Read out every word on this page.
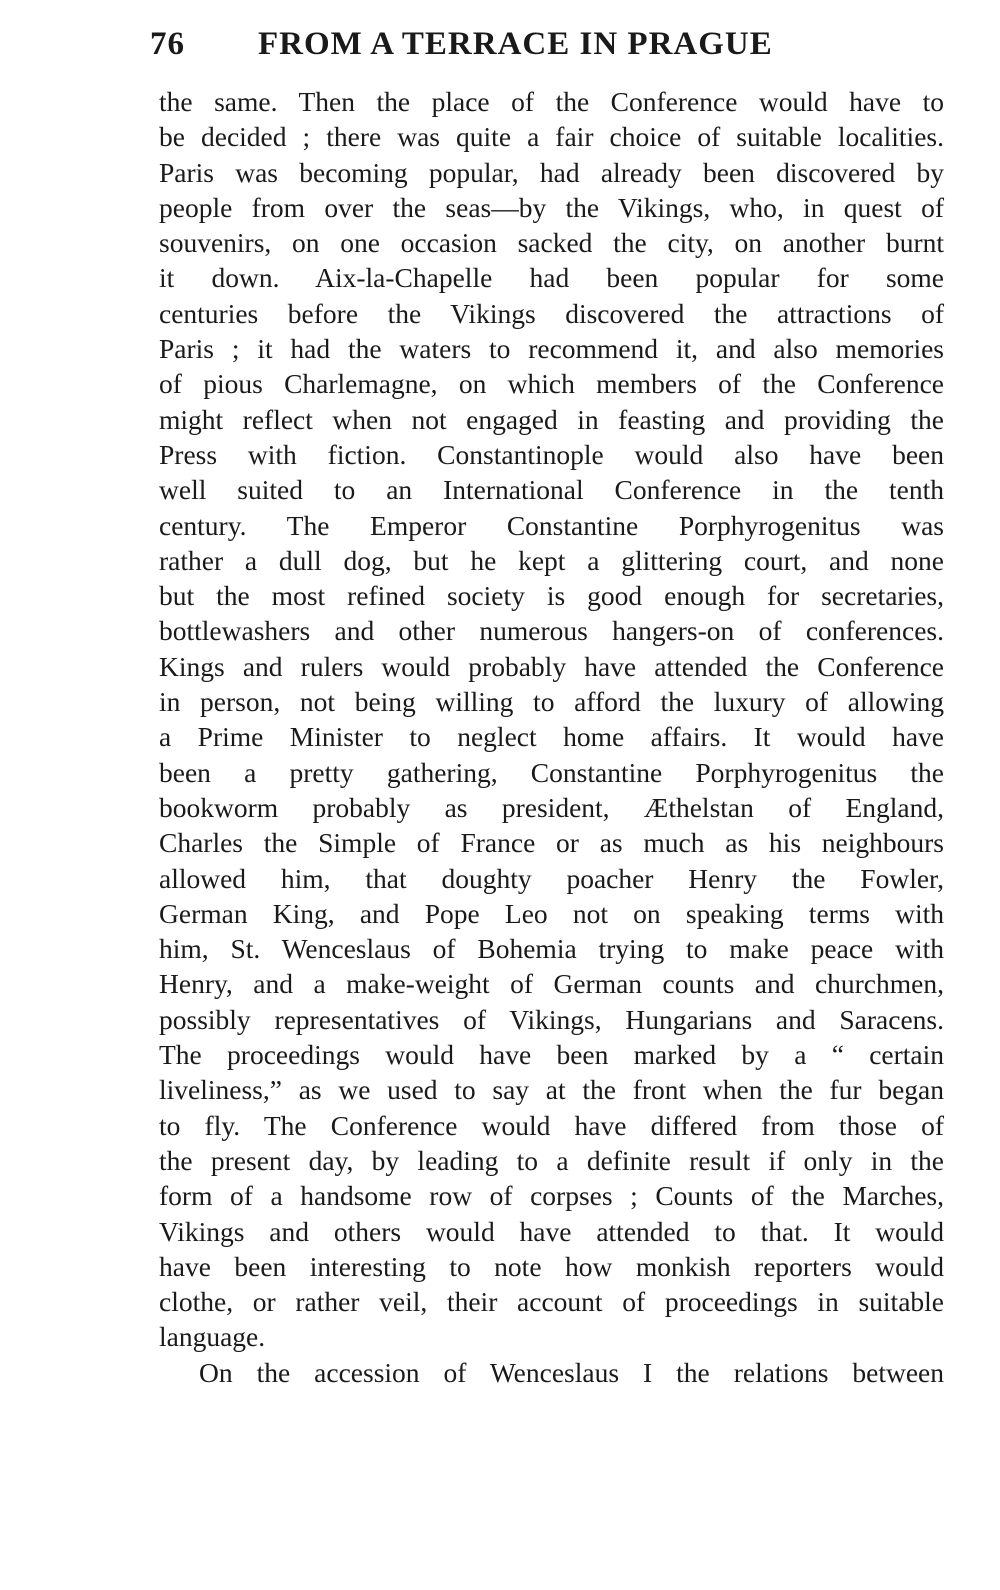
76 FROM A TERRACE IN PRAGUE
the same. Then the place of the Conference would have to
be decided ; there was quite a fair choice of suitable localities.
Paris was becoming popular, had already been discovered by
people from over the seas—by the Vikings, who, in quest of
souvenirs, on one occasion sacked the city, on another burnt
it down. Aix-la-Chapelle had been popular for some
centuries before the Vikings discovered the attractions of
Paris ; it had the waters to recommend it, and also memories
of pious Charlemagne, on which members of the Conference
might reflect when not engaged in feasting and providing the
Press with fiction. Constantinople would also have been
well suited to an International Conference in the tenth
century. The Emperor Constantine Porphyrogenitus was
rather a dull dog, but he kept a glittering court, and none
but the most refined society is good enough for secretaries,
bottlewashers and other numerous hangers-on of conferences.
Kings and rulers would probably have attended the Conference
in person, not being willing to afford the luxury of allowing
a Prime Minister to neglect home affairs. It would have
been a pretty gathering, Constantine Porphyrogenitus the
bookworm probably as president, Æthelstan of England,
Charles the Simple of France or as much as his neighbours
allowed him, that doughty poacher Henry the Fowler,
German King, and Pope Leo not on speaking terms with
him, St. Wenceslaus of Bohemia trying to make peace with
Henry, and a make-weight of German counts and churchmen,
possibly representatives of Vikings, Hungarians and Saracens.
The proceedings would have been marked by a “ certain
liveliness,” as we used to say at the front when the fur began
to fly. The Conference would have differed from those of
the present day, by leading to a definite result if only in the
form of a handsome row of corpses ; Counts of the Marches,
Vikings and others would have attended to that. It would
have been interesting to note how monkish reporters would
clothe, or rather veil, their account of proceedings in suitable
language.
On the accession of Wenceslaus I the relations between
